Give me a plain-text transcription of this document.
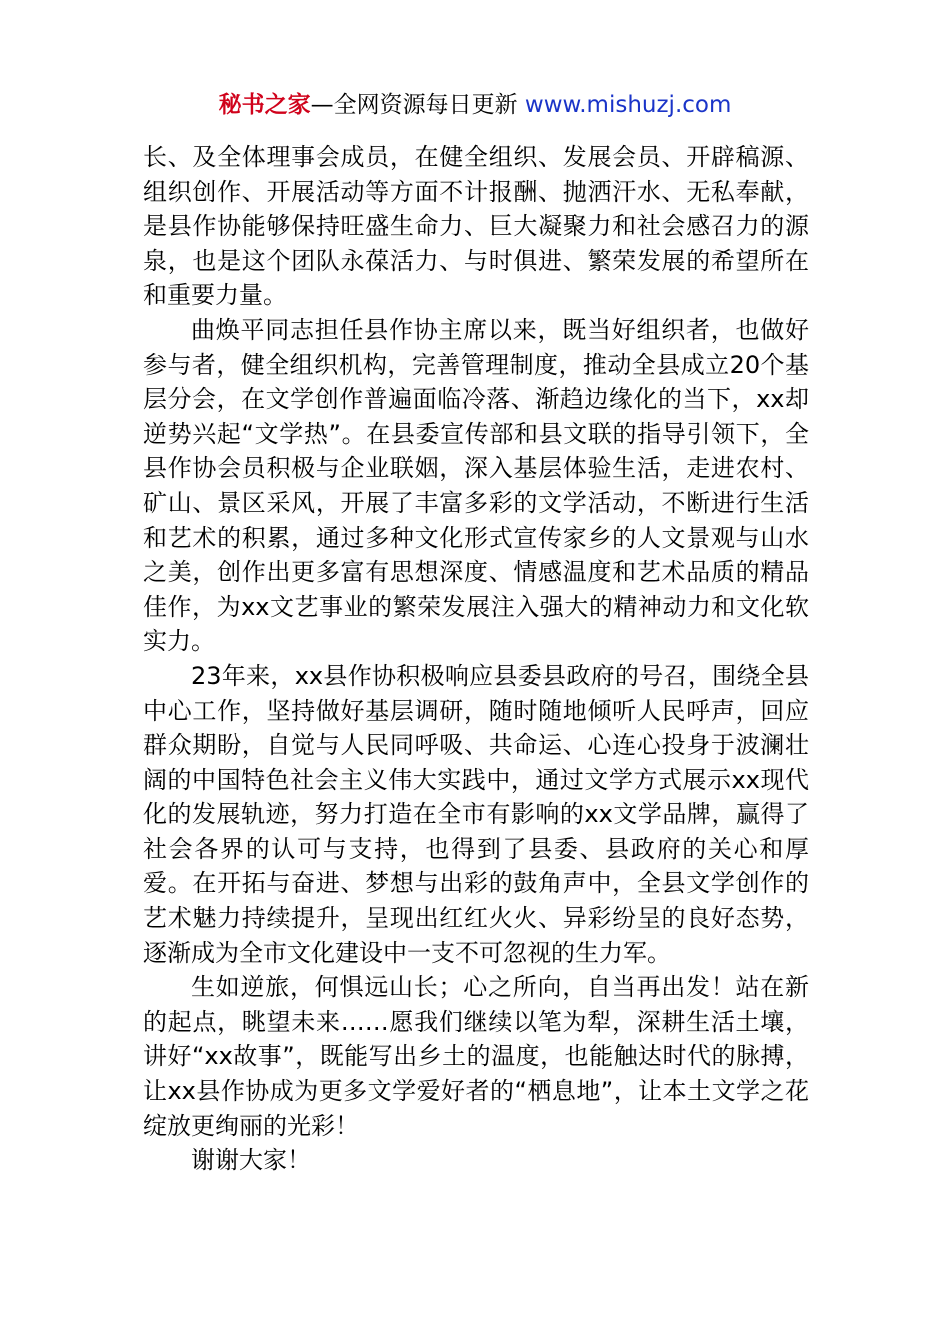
秘书之家—全网资源每日更新 www.mishuzj.com

长、及全体理事会成员，在健全组织、发展会员、开辟稿源、组织创作、开展活动等方面不计报酬、抛洒汗水、无私奉献，是县作协能够保持旺盛生命力、巨大凝聚力和社会感召力的源泉，也是这个团队永葆活力、与时俱进、繁荣发展的希望所在和重要力量。

曲焕平同志担任县作协主席以来，既当好组织者，也做好参与者，健全组织机构，完善管理制度，推动全县成立20个基层分会，在文学创作普遍面临冷落、渐趋边缘化的当下，xx却逆势兴起“文学热”。在县委宣传部和县文联的指导引领下，全县作协会员积极与企业联姻，深入基层体验生活，走进农村、矿山、景区采风，开展了丰富多彩的文学活动，不断进行生活和艺术的积累，通过多种文化形式宣传家乡的人文景观与山水之美，创作出更多富有思想深度、情感温度和艺术品质的精品佳作，为xx文艺事业的繁荣发展注入强大的精神动力和文化软实力。

23年来，xx县作协积极响应县委县政府的号召，围绕全县中心工作，坚持做好基层调研，随时随地倾听人民呼声，回应群众期盼，自觉与人民同呼吸、共命运、心连心投身于波澜壮阔的中国特色社会主义伟大实践中，通过文学方式展示xx现代化的发展轨迹，努力打造在全市有影响的xx文学品牌，赢得了社会各界的认可与支持，也得到了县委、县政府的关心和厚爱。在开拓与奋进、梦想与出彩的鼓角声中，全县文学创作的艺术魅力持续提升，呈现出红红火火、异彩纷呈的良好态势，逐渐成为全市文化建设中一支不可忽视的生力军。

生如逆旅，何惧远山长；心之所向，自当再出发！站在新的起点，眺望未来……愿我们继续以笔为犁，深耕生活土壤，讲好“xx故事”，既能写出乡土的温度，也能触达时代的脉搏，让xx县作协成为更多文学爱好者的“栖息地”，让本土文学之花绽放更绚丽的光彩！

谢谢大家！
